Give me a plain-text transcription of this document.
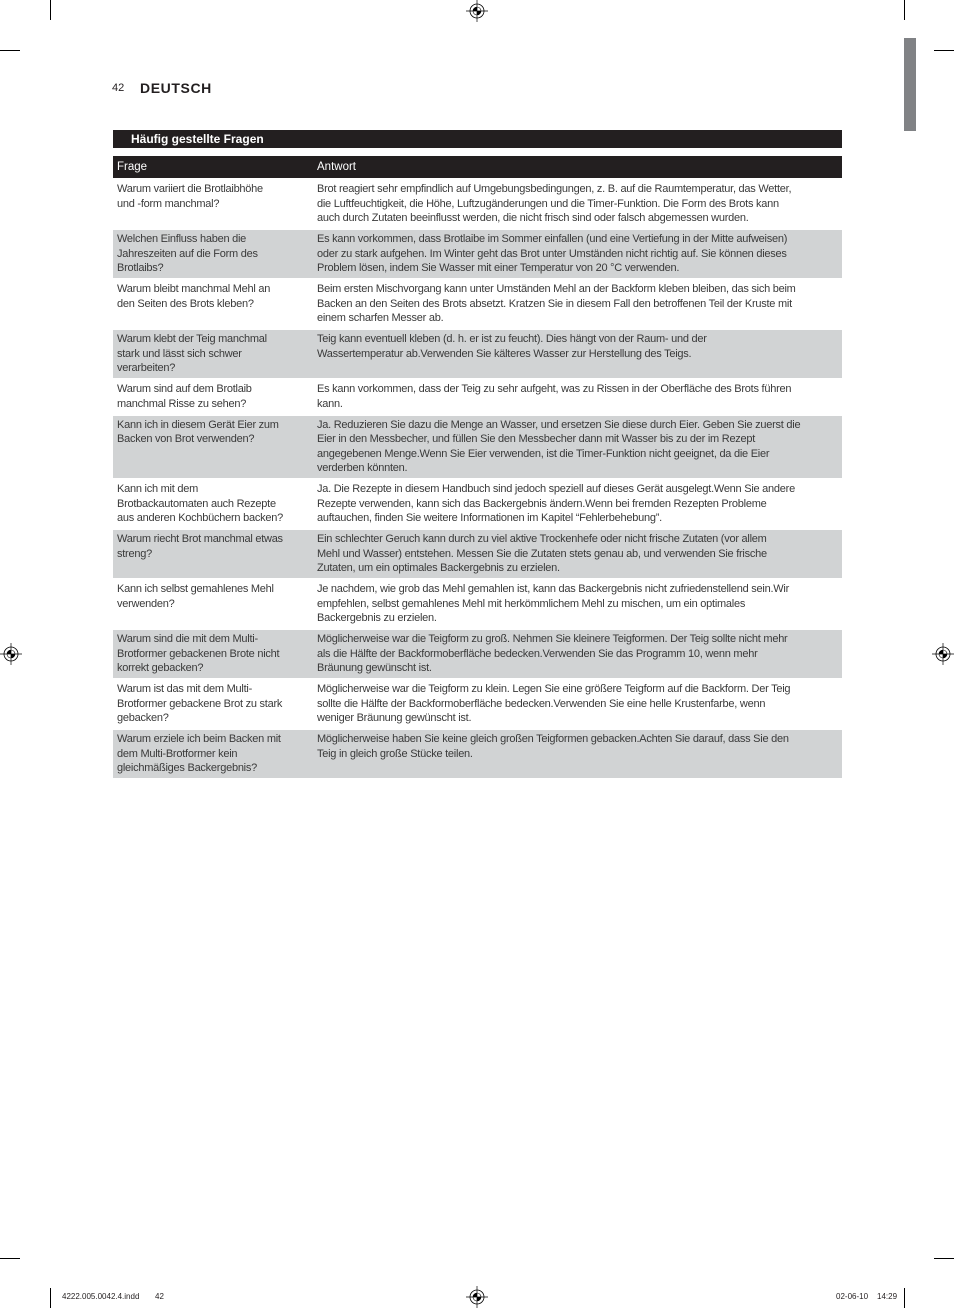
42 DEUTSCH
Häufig gestellte Fragen
Frage	Antwort
Warum variiert die Brotlaibhöhe
und -form manchmal?
Brot reagiert sehr empfindlich auf Umgebungsbedingungen, z. B. auf die Raumtemperatur, das Wetter,
die Luftfeuchtigkeit, die Höhe, Luftzugänderungen und die Timer-Funktion. Die Form des Brots kann
auch durch Zutaten beeinflusst werden, die nicht frisch sind oder falsch abgemessen wurden.
Welchen Einfluss haben die
Jahreszeiten auf die Form des
Brotlaibs?
Es kann vorkommen, dass Brotlaibe im Sommer einfallen (und eine Vertiefung in der Mitte aufweisen)
oder zu stark aufgehen. Im Winter geht das Brot unter Umständen nicht richtig auf. Sie können dieses
Problem lösen, indem Sie Wasser mit einer Temperatur von 20 °C verwenden.
Warum bleibt manchmal Mehl an
den Seiten des Brots kleben?
Beim ersten Mischvorgang kann unter Umständen Mehl an der Backform kleben bleiben, das sich beim
Backen an den Seiten des Brots absetzt. Kratzen Sie in diesem Fall den betroffenen Teil der Kruste mit
einem scharfen Messer ab.
Warum klebt der Teig manchmal
stark und lässt sich schwer
verarbeiten?
Teig kann eventuell kleben (d. h. er ist zu feucht). Dies hängt von der Raum- und der
Wassertemperatur ab.Verwenden Sie kälteres Wasser zur Herstellung des Teigs.
Warum sind auf dem Brotlaib
manchmal Risse zu sehen?
Es kann vorkommen, dass der Teig zu sehr aufgeht, was zu Rissen in der Oberfläche des Brots führen
kann.
Kann ich in diesem Gerät Eier zum
Backen von Brot verwenden?
Ja. Reduzieren Sie dazu die Menge an Wasser, und ersetzen Sie diese durch Eier. Geben Sie zuerst die
Eier in den Messbecher, und füllen Sie den Messbecher dann mit Wasser bis zu der im Rezept
angegebenen Menge.Wenn Sie Eier verwenden, ist die Timer-Funktion nicht geeignet, da die Eier
verderben könnten.
Kann ich mit dem
Brotbackautomaten auch Rezepte
aus anderen Kochbüchern backen?
Ja. Die Rezepte in diesem Handbuch sind jedoch speziell auf dieses Gerät ausgelegt.Wenn Sie andere
Rezepte verwenden, kann sich das Backergebnis ändern.Wenn bei fremden Rezepten Probleme
auftauchen, finden Sie weitere Informationen im Kapitel “Fehlerbehebung”.
Warum riecht Brot manchmal etwas
streng?
Ein schlechter Geruch kann durch zu viel aktive Trockenhefe oder nicht frische Zutaten (vor allem
Mehl und Wasser) entstehen. Messen Sie die Zutaten stets genau ab, und verwenden Sie frische
Zutaten, um ein optimales Backergebnis zu erzielen.
Kann ich selbst gemahlenes Mehl
verwenden?
Je nachdem, wie grob das Mehl gemahlen ist, kann das Backergebnis nicht zufriedenstellend sein.Wir
empfehlen, selbst gemahlenes Mehl mit herkömmlichem Mehl zu mischen, um ein optimales
Backergebnis zu erzielen.
Warum sind die mit dem Multi-
Brotformer gebackenen Brote nicht
korrekt gebacken?
Möglicherweise war die Teigform zu groß. Nehmen Sie kleinere Teigformen. Der Teig sollte nicht mehr
als die Hälfte der Backformoberfläche bedecken.Verwenden Sie das Programm 10, wenn mehr
Bräunung gewünscht ist.
Warum ist das mit dem Multi-
Brotformer gebackene Brot zu stark
gebacken?
Möglicherweise war die Teigform zu klein. Legen Sie eine größere Teigform auf die Backform. Der Teig
sollte die Hälfte der Backformoberfläche bedecken.Verwenden Sie eine helle Krustenfarbe, wenn
weniger Bräunung gewünscht ist.
Warum erziele ich beim Backen mit
dem Multi-Brotformer kein
gleichmäßiges Backergebnis?
Möglicherweise haben Sie keine gleich großen Teigformen gebacken.Achten Sie darauf, dass Sie den
Teig in gleich große Stücke teilen.
4222.005.0042.4.indd 42	02-06-10 14:29
